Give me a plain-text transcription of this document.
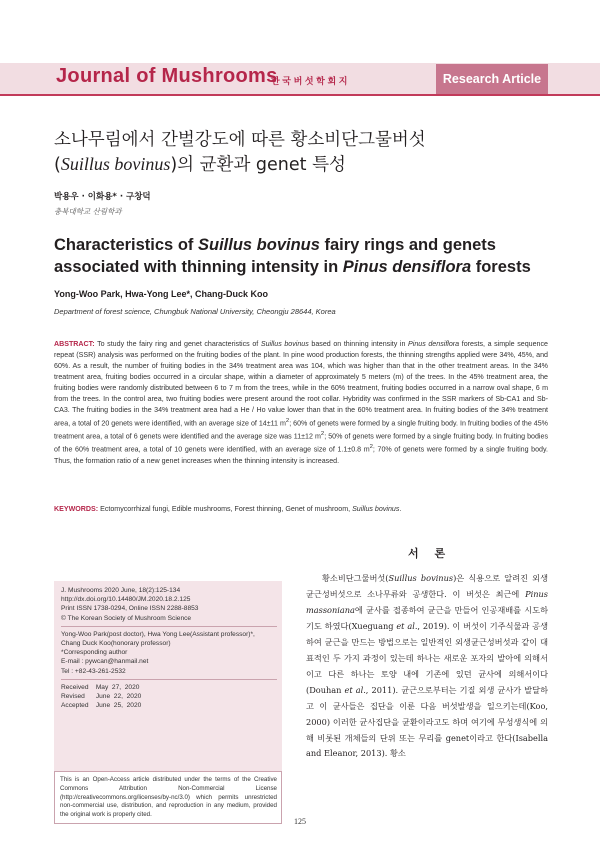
Journal of Mushrooms
한국버섯학회지	Research Article
소나무림에서 간벌강도에 따른 황소비단그물버섯
(Suillus bovinus)의 균환과 genet 특성
박용우 · 이화용* · 구창덕
충북대학교 산림학과
Characteristics of Suillus bovinus fairy rings and genets
associated with thinning intensity in Pinus densiflora forests
Yong-Woo Park, Hwa-Yong Lee*, Chang-Duck Koo
Department of forest science, Chungbuk National University, Cheongju 28644, Korea
ABSTRACT: To study the fairy ring and genet characteristics of Suillus bovinus based on thinning intensity in Pinus densiflora forests, a simple sequence repeat (SSR) analysis was performed on the fruiting bodies of the plant. In pine wood production forests, the thinning strengths applied were 34%, 45%, and 60%. As a result, the number of fruiting bodies in the 34% treatment area was 104, which was higher than that in the other treatment areas. In the 34% treatment area, fruiting bodies occurred in a circular shape, within a diameter of approximately 5 meters (m) of the trees. In the 45% treatment area, the fruiting bodies were randomly distributed between 6 to 7 m from the trees, while in the 60% treatment, fruiting bodies occurred in a narrow oval shape, 6 m from the trees. In the control area, two fruiting bodies were present around the root collar. Hybridity was confirmed in the SSR markers of Sb-CA1 and Sb-CA3. The fruiting bodies in the 34% treatment area had a He / Ho value lower than that in the 60% treatment area. In fruiting bodies of the 34% treatment area, a total of 20 genets were identified, with an average size of 14±11 $m^2$; 60% of genets were formed by a single fruiting body. In fruiting bodies of the 45% treatment area, a total of 6 genets were identified and the average size was 11±12 $m^2$; 50% of genets were formed by a single fruiting body. In fruiting bodies of the 60% treatment area, a total of 10 genets were identified, with an average size of 1.1±0.8 $m^2$; 70% of genets were formed by a single fruiting body. Thus, the formation ratio of a new genet increases when the thinning intensity is increased.
KEYWORDS: Ectomycorrhizal fungi, Edible mushrooms, Forest thinning, Genet of mushroom, Suillus bovinus.
J. Mushrooms 2020 June, 18(2):125-134
http://dx.doi.org/10.14480/JM.2020.18.2.125
Print ISSN 1738-0294, Online ISSN 2288-8853
© The Korean Society of Mushroom Science
Yong-Woo Park(post doctor), Hwa Yong Lee(Assistant professor)*,
Chang Duck Koo(honorary professor)
*Corresponding author
E-mail : pywcan@hanmail.net
Tel : +82-43-261-2532
Received    May  27,  2020
Revised      June  22,  2020
Accepted    June  25,  2020
This is an Open-Access article distributed under the terms of the Creative Commons Attribution Non-Commercial License (http://creativecommons.org/licenses/by-nc/3.0) which permits unrestricted non-commercial use, distribution, and reproduction in any medium, provided the original work is properly cited.
서 론
황소비단그물버섯(Suillus bovinus)은 식용으로 알려진 외생균근성버섯으로 소나무류와 공생한다. 이 버섯은 최근에 Pinus massoniana에 균사를 접종하여 균근을 만들어 인공재배를 시도하기도 하였다(Xueguang et al., 2019). 이 버섯이 기주식물과 공생하여 균근을 만드는 방법으로는 일반적인 외생균근성버섯과 같이 대표적인 두 가지 과정이 있는데 하나는 새로운 포자의 발아에 의해서이고 다른 하나는 토양 내에 기존에 있던 균사에 의해서이다(Douhan et al., 2011). 균근으로부터는 기질 외생 균사가 발달하고 이 균사들은 집단을 이룬 다음 버섯발생을 일으키는데(Koo, 2000) 이러한 균사집단을 균환이라고도 하며 여기에 무성생식에 의해 비롯된 개체들의 단위 또는 무리를 genet이라고 한다(Isabella and Eleanor, 2013). 황소
125
